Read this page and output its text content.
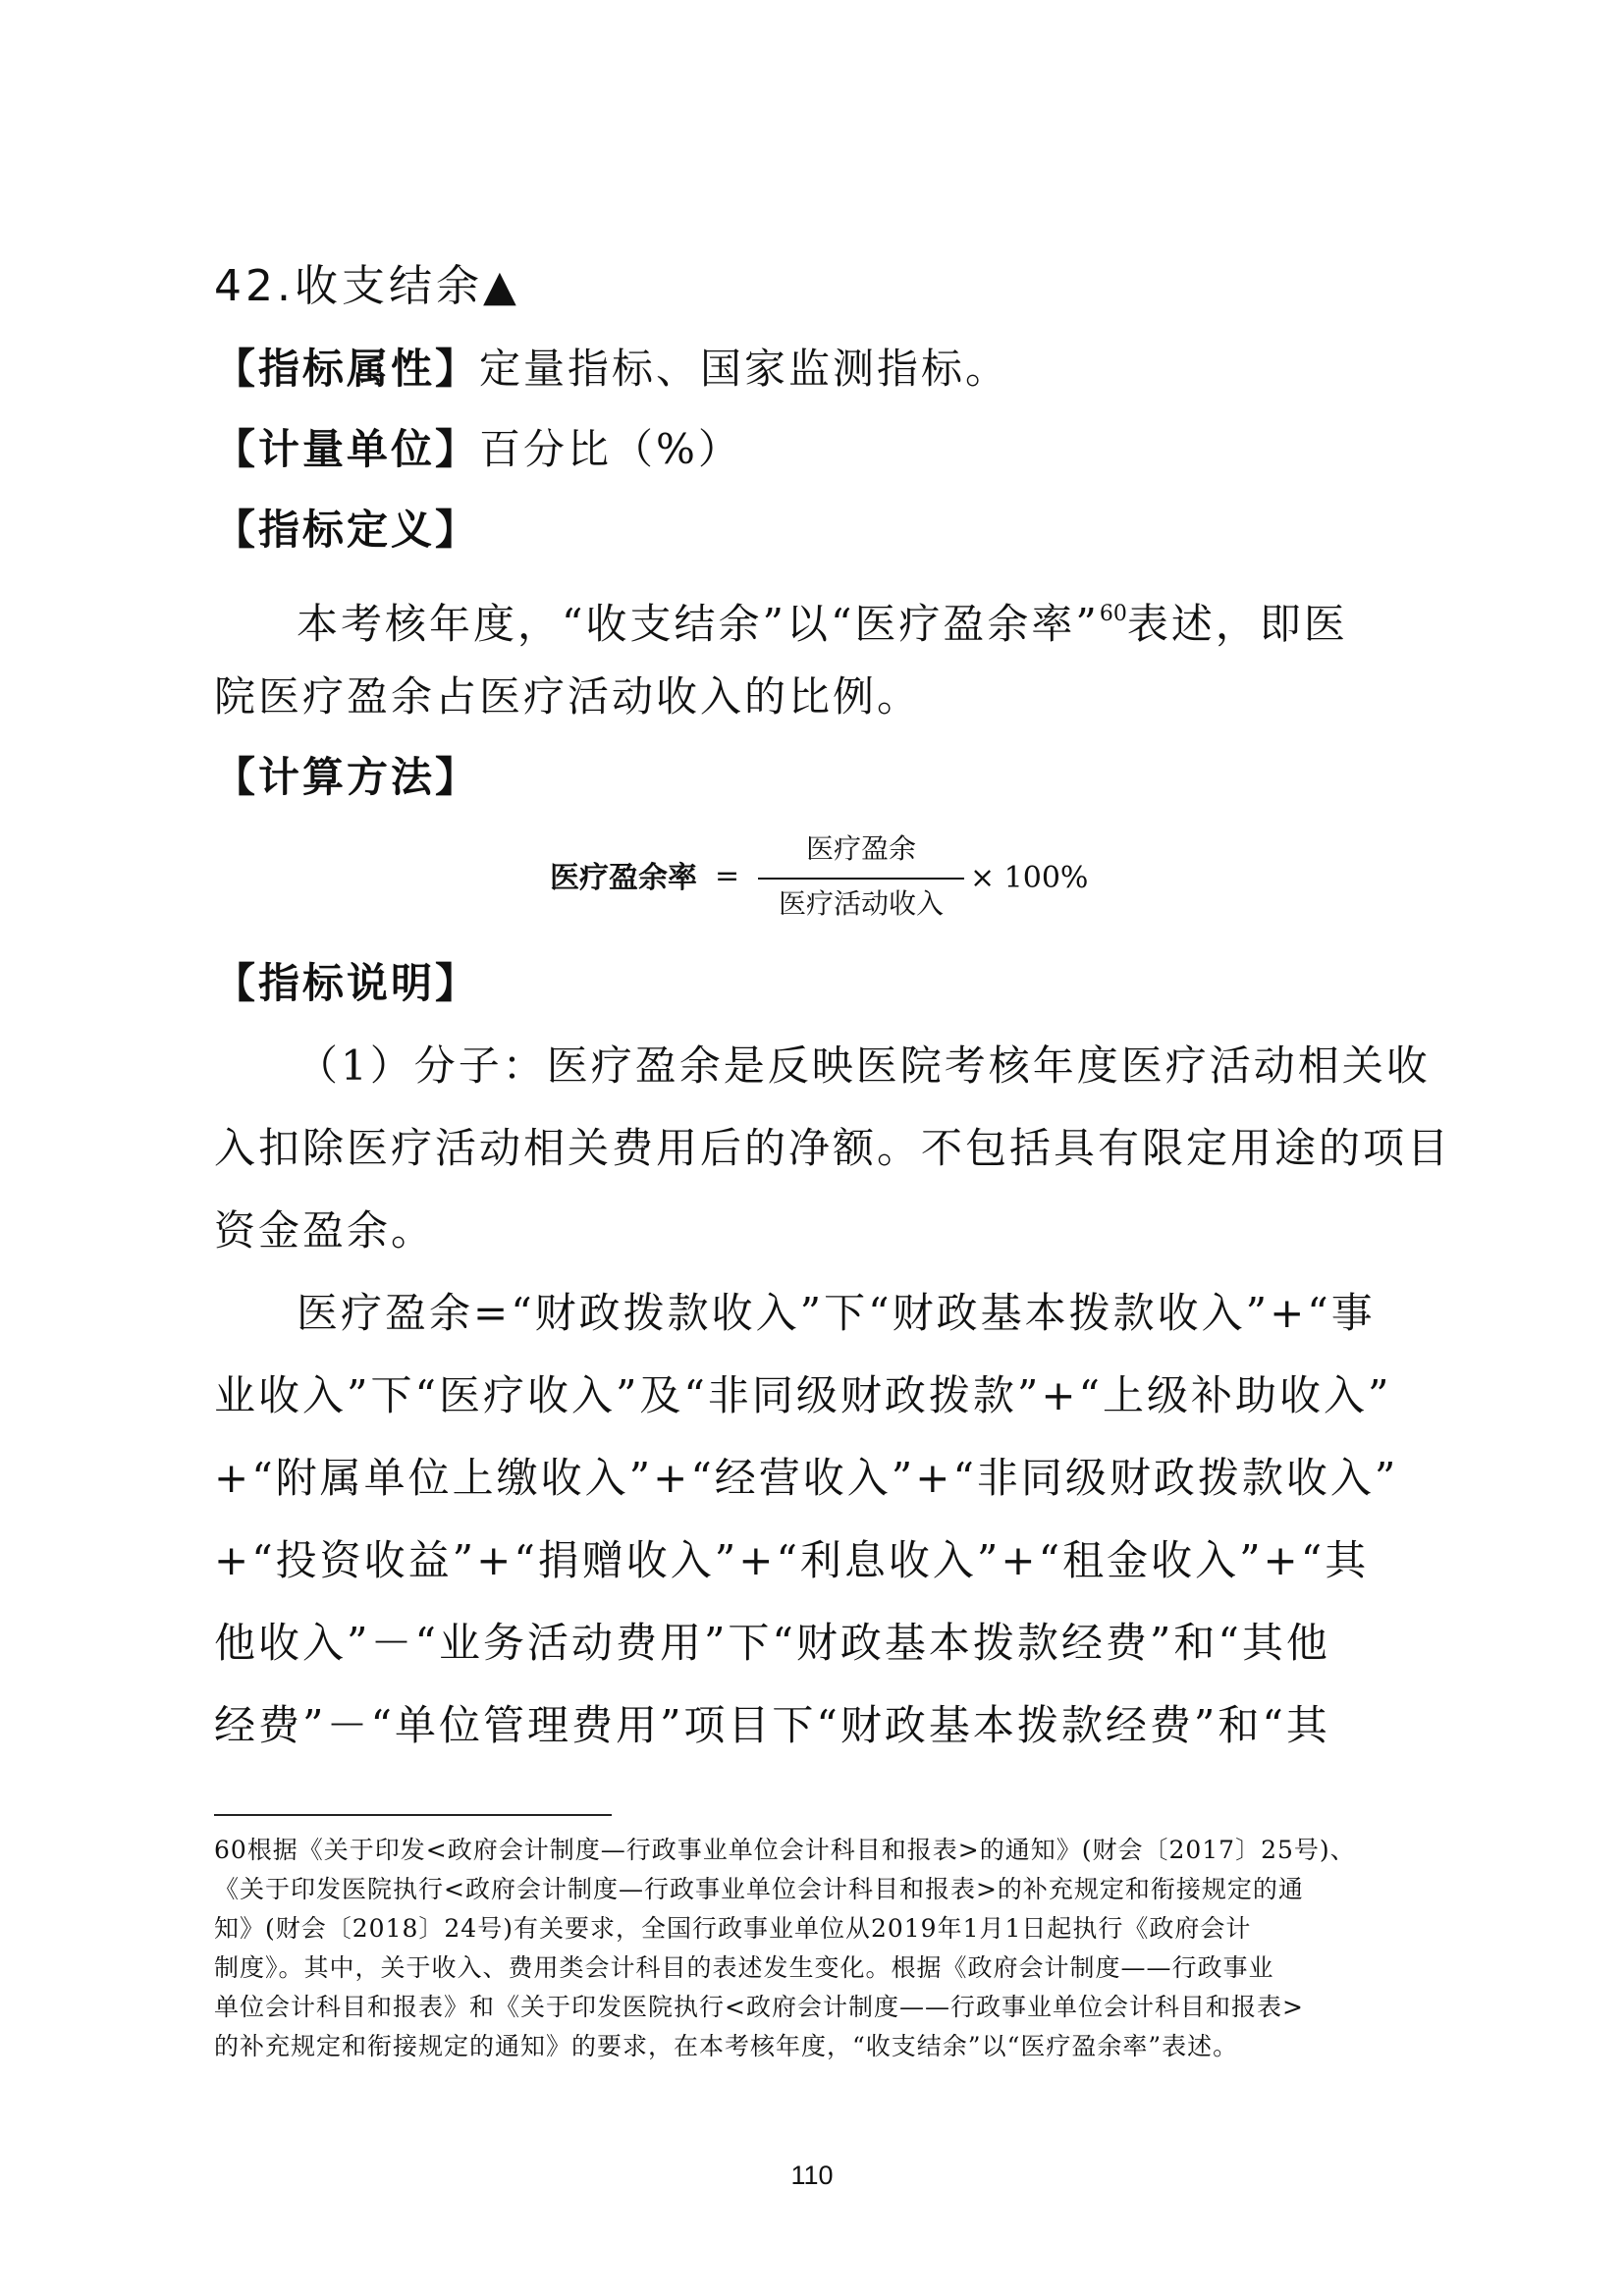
42.收支结余▲
【指标属性】定量指标、国家监测指标。
【计量单位】百分比（%）
【指标定义】
本考核年度，“收支结余”以“医疗盈余率”$^{60}$表述，即医
院医疗盈余占医疗活动收入的比例。
【计算方法】
医疗盈余率 =
医疗盈余
医疗活动收入
× 100%
【指标说明】
（1）分子：医疗盈余是反映医院考核年度医疗活动相关收
入扣除医疗活动相关费用后的净额。不包括具有限定用途的项目
资金盈余。
医疗盈余=“财政拨款收入”下“财政基本拨款收入”+“事
业收入”下“医疗收入”及“非同级财政拨款”+“上级补助收入”
+“附属单位上缴收入”+“经营收入”+“非同级财政拨款收入”
+“投资收益”+“捐赠收入”+“利息收入”+“租金收入”+“其
他收入”－“业务活动费用”下“财政基本拨款经费”和“其他
经费”－“单位管理费用”项目下“财政基本拨款经费”和“其
60根据《关于印发<政府会计制度—行政事业单位会计科目和报表>的通知》(财会〔2017〕25号)、
《关于印发医院执行<政府会计制度—行政事业单位会计科目和报表>的补充规定和衔接规定的通
知》(财会〔2018〕24号)有关要求，全国行政事业单位从2019年1月1日起执行《政府会计
制度》。其中，关于收入、费用类会计科目的表述发生变化。根据《政府会计制度——行政事业
单位会计科目和报表》和《关于印发医院执行<政府会计制度——行政事业单位会计科目和报表>
的补充规定和衔接规定的通知》的要求，在本考核年度，“收支结余”以“医疗盈余率”表述。
110
